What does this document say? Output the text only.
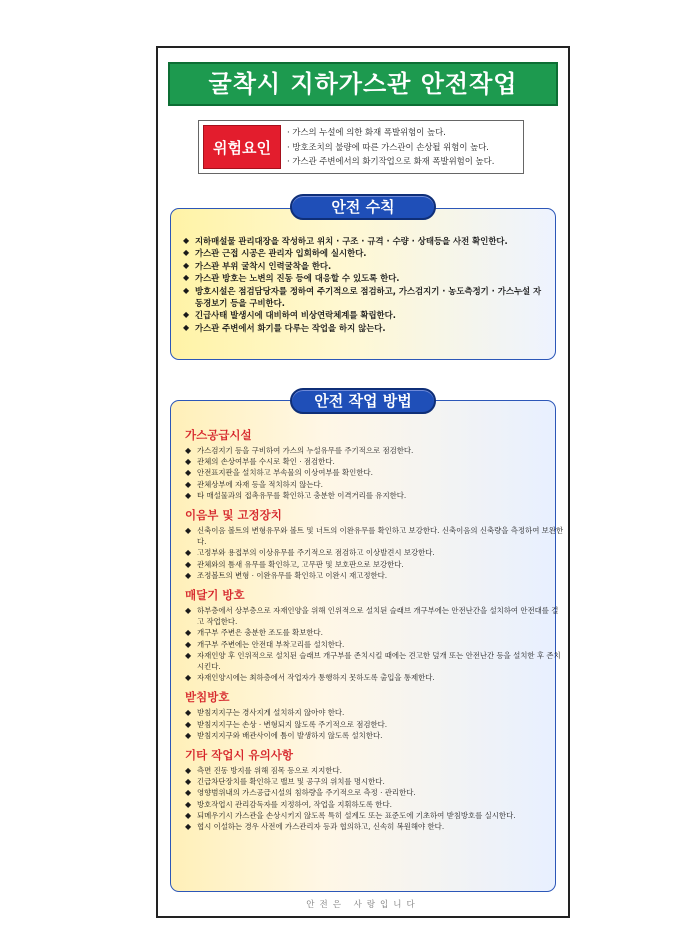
굴착시 지하가스관 안전작업
위험요인
· 가스의 누설에 의한 화재 폭발위험이 높다.
· 방호조치의 불량에 따른 가스관이 손상될 위험이 높다.
· 가스관 주변에서의 화기작업으로 화재 폭발위험이 높다.
안전 수칙
◆ 지하매설물 관리대장을 작성하고 위치 · 구조 · 규격 · 수량 · 상태등을 사전 확인한다.
◆ 가스관 근접 시공은 관리자 입회하에 실시한다.
◆ 가스관 부위 굴착시 인력굴착을 한다.
◆ 가스관 방호는 노변의 진동 등에 대응할 수 있도록 한다.
◆ 방호시설은 점검담당자를 정하여 주기적으로 점검하고, 가스검지기 · 농도측정기 · 가스누설 자동경보기 등을 구비한다.
◆ 긴급사태 발생시에 대비하여 비상연락체계를 확립한다.
◆ 가스관 주변에서 화기를 다루는 작업을 하지 않는다.
안전 작업 방법
가스공급시설
◆ 가스검지기 등을 구비하여 가스의 누설유무를 주기적으로 점검한다.
◆ 관체의 손상여부를 수시로 확인 · 점검한다.
◆ 안전표지판을 설치하고 부속물의 이상여부를 확인한다.
◆ 관체상부에 자재 등을 적치하지 않는다.
◆ 타 매설물과의 접촉유무를 확인하고 충분한 이격거리를 유지한다.
이음부 및 고정장치
◆ 신축이음 볼트의 변형유무와 볼트 및 너트의 이완유무를 확인하고 보강한다. 신축이음의 신축량을 측정하여 보완한다.
◆ 고정부와 용접부의 이상유무를 주기적으로 점검하고 이상발견시 보강한다.
◆ 관체와의 틈새 유무를 확인하고, 고무판 및 보호판으로 보강한다.
◆ 조정볼트의 변형 · 이완유무를 확인하고 이완시 재고정한다.
매달기 방호
◆ 하부층에서 상부층으로 자재인양을 위해 인위적으로 설치된 슬래브 개구부에는 안전난간을 설치하여 안전대를 걸고 작업한다.
◆ 개구부 주변은 충분한 조도를 확보한다.
◆ 개구부 주변에는 안전대 부착고리를 설치한다.
◆ 자재인양 후 인위적으로 설치된 슬래브 개구부를 존치시킬 때에는 견고한 덮개 또는 안전난간 등을 설치한 후 존치시킨다.
◆ 자재인양시에는 최하층에서 작업자가 통행하지 못하도록 출입을 통제한다.
받침방호
◆ 받침지지구는 경사지게 설치하지 않아야 한다.
◆ 받침지지구는 손상 · 변형되지 않도록 주기적으로 점검한다.
◆ 받침지지구와 배관사이에 틈이 발생하지 않도록 설치한다.
기타 작업시 유의사항
◆ 측면 진동 방지를 위해 짐목 등으로 지지한다.
◆ 긴급차단장치를 확인하고 밸브 및 공구의 위치를 명시한다.
◆ 영향범위내의 가스공급시설의 침하량을 주기적으로 측정 · 관리한다.
◆ 방호작업시 관리감독자를 지정하여, 작업을 지휘하도록 한다.
◆ 되메우기시 가스관을 손상시키지 않도록 특히 설계도 또는 표준도에 기초하여 받침방호를 실시한다.
◆ 협시 이설하는 경우 사전에 가스관리자 등과 협의하고, 신속히 복원해야 한다.
안전은 사랑입니다
